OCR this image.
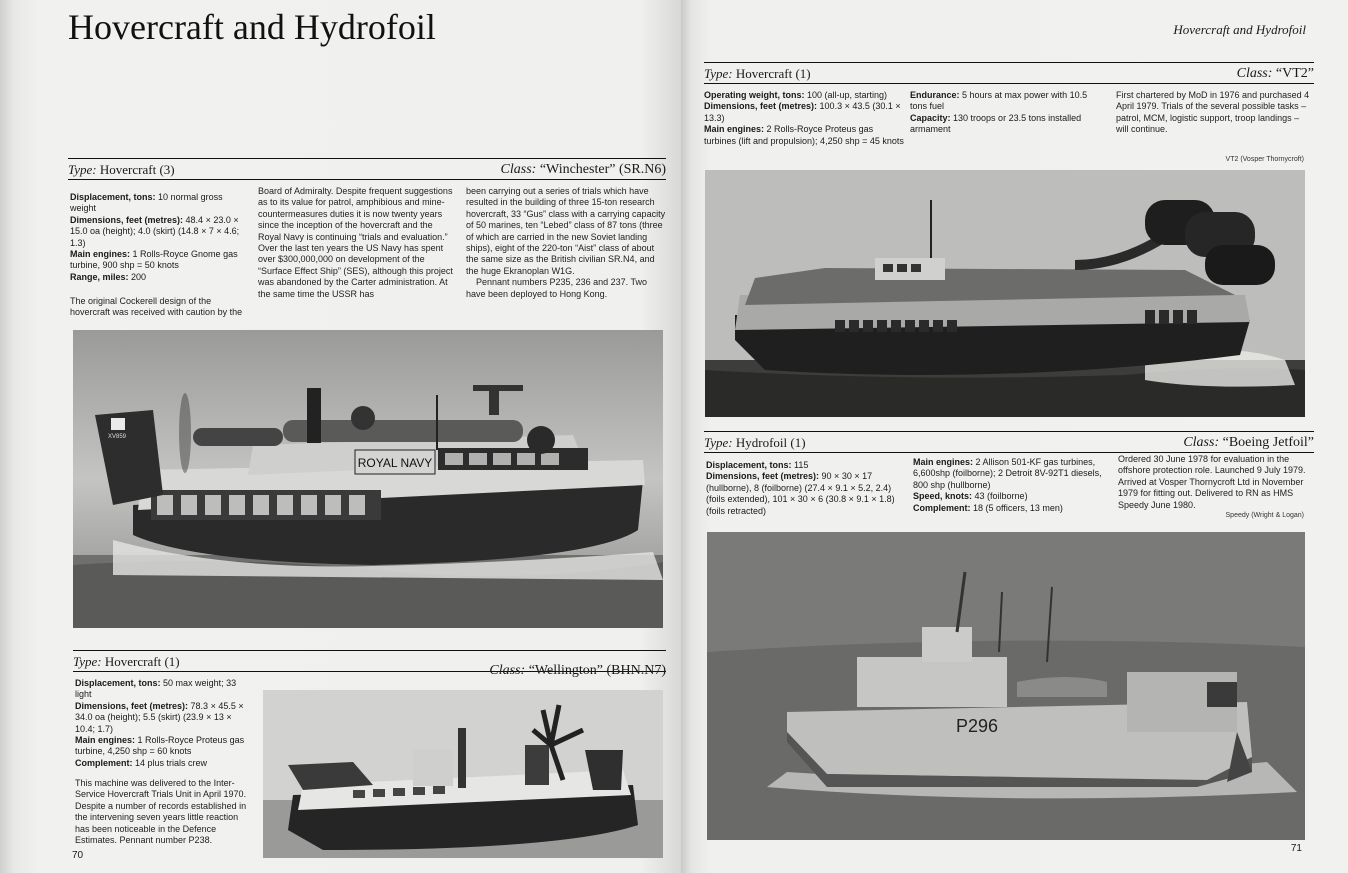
Hovercraft and Hydrofoil
Type: Hovercraft (3)	Class: “Winchester” (SR.N6)
Displacement, tons: 10 normal gross weight
Dimensions, feet (metres): 48.4 × 23.0 × 15.0 oa (height); 4.0 (skirt) (14.8 × 7 × 4.6; 1.3)
Main engines: 1 Rolls-Royce Gnome gas turbine, 900 shp = 50 knots
Range, miles: 200

The original Cockerell design of the hovercraft was received with caution by the

Board of Admiralty. Despite frequent suggestions as to its value for patrol, amphibious and mine-countermeasures duties it is now twenty years since the inception of the hovercraft and the Royal Navy is continuing “trials and evaluation.” Over the last ten years the US Navy has spent over $300,000,000 on development of the “Surface Effect Ship” (SES), although this project was abandoned by the Carter administration. At the same time the USSR has

been carrying out a series of trials which have resulted in the building of three 15-ton research hovercraft, 33 “Gus” class with a carrying capacity of 50 marines, ten “Lebed” class of 87 tons (three of which are carried in the new Soviet landing ships), eight of the 220-ton “Aist” class of about the same size as the British civilian SR.N4, and the huge Ekranoplan W1G.

Pennant numbers P235, 236 and 237. Two have been deployed to Hong Kong.

ROYAL NAVY
XV859
Type: Hovercraft (1)
Class: “Wellington” (BHN.N7)
Displacement, tons: 50 max weight; 33 light
Dimensions, feet (metres): 78.3 × 45.5 × 34.0 oa (height); 5.5 (skirt) (23.9 × 13 × 10.4; 1.7)
Main engines: 1 Rolls-Royce Proteus gas turbine, 4,250 shp = 60 knots
Complement: 14 plus trials crew

This machine was delivered to the Inter-Service Hovercraft Trials Unit in April 1970. Despite a number of records established in the intervening seven years little reaction has been noticeable in the Defence Estimates. Pennant number P238.

70
Hovercraft and Hydrofoil
Type: Hovercraft (1)	Class: “VT2”
Operating weight, tons: 100 (all-up, starting)
Dimensions, feet (metres): 100.3 × 43.5 (30.1 × 13.3)
Main engines: 2 Rolls-Royce Proteus gas turbines (lift and propulsion); 4,250 shp = 45 knots
Endurance: 5 hours at max power with 10.5 tons fuel
Capacity: 130 troops or 23.5 tons installed armament

First chartered by MoD in 1976 and purchased 4 April 1979. Trials of the several possible tasks – patrol, MCM, logistic support, troop landings – will continue.

VT2 (Vosper Thornycroft)
Type: Hydrofoil (1)	Class: “Boeing Jetfoil”
Displacement, tons: 115
Dimensions, feet (metres): 90 × 30 × 17 (hullborne), 8 (foilborne) (27.4 × 9.1 × 5.2, 2.4) (foils extended), 101 × 30 × 6 (30.8 × 9.1 × 1.8) (foils retracted)
Main engines: 2 Allison 501-KF gas turbines, 6,600shp (foilborne); 2 Detroit 8V-92T1 diesels, 800 shp (hullborne)
Speed, knots: 43 (foilborne)
Complement: 18 (5 officers, 13 men)

Ordered 30 June 1978 for evaluation in the offshore protection role. Launched 9 July 1979. Arrived at Vosper Thornycroft Ltd in November 1979 for fitting out. Delivered to RN as HMS Speedy June 1980.

Speedy (Wright & Logan)
P296
71
